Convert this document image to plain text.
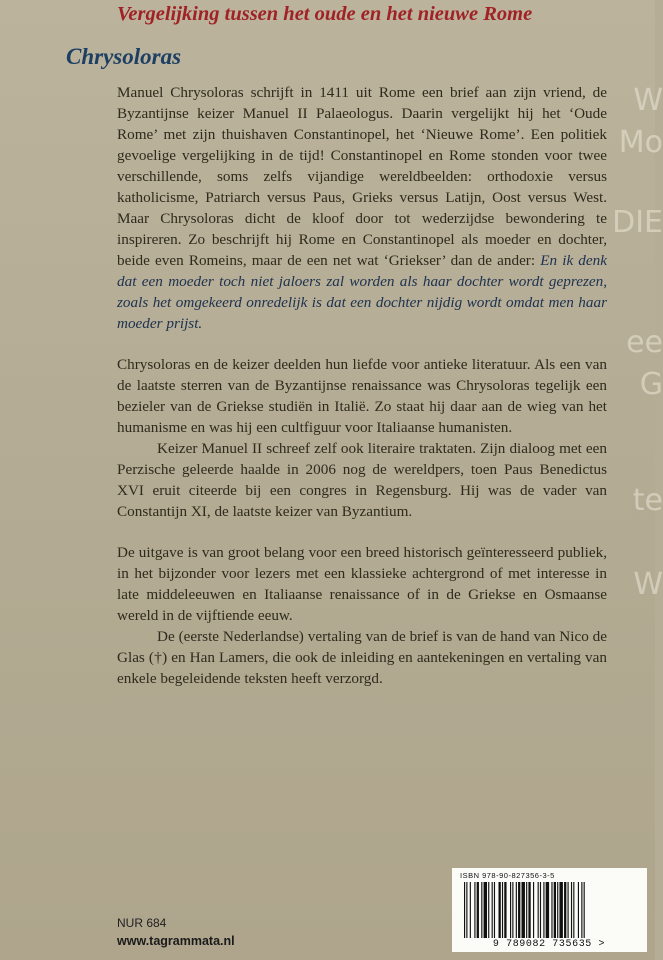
Vergelijking tussen het oude en het nieuwe Rome
Chrysoloras
W
Mo
DIE
ee
G
te
W

Manuel Chrysoloras schrijft in 1411 uit Rome een brief aan zijn vriend, de Byzantijnse keizer Manuel II Palaeologus. Daarin vergelijkt hij het ‘Oude Rome’ met zijn thuishaven Constantinopel, het ‘Nieuwe Rome’. Een politiek gevoelige vergelijking in de tijd! Constantinopel en Rome stonden voor twee verschillende, soms zelfs vijandige wereldbeelden: orthodoxie versus katholicisme, Patriarch versus Paus, Grieks versus Latijn, Oost versus West. Maar Chrysoloras dicht de kloof door tot wederzijdse bewondering te inspireren. Zo beschrijft hij Rome en Constantinopel als moeder en dochter, beide even Romeins, maar de een net wat ‘Griekser’ dan de ander: En ik denk dat een moeder toch niet jaloers zal worden als haar dochter wordt geprezen, zoals het omgekeerd onredelijk is dat een dochter nijdig wordt omdat men haar moeder prijst.

Chrysoloras en de keizer deelden hun liefde voor antieke literatuur. Als een van de laatste sterren van de Byzantijnse renaissance was Chrysoloras tegelijk een bezieler van de Griekse studiën in Italië. Zo staat hij daar aan de wieg van het humanisme en was hij een cultfiguur voor Italiaanse humanisten.

Keizer Manuel II schreef zelf ook literaire traktaten. Zijn dialoog met een Perzische geleerde haalde in 2006 nog de wereldpers, toen Paus Benedictus XVI eruit citeerde bij een congres in Regensburg. Hij was de vader van Constantijn XI, de laatste keizer van Byzantium.

De uitgave is van groot belang voor een breed historisch geïnteresseerd publiek, in het bijzonder voor lezers met een klassieke achtergrond of met interesse in late middeleeuwen en Italiaanse renaissance of in de Griekse en Osmaanse wereld in de vijftiende eeuw.

De (eerste Nederlandse) vertaling van de brief is van de hand van Nico de Glas (†) en Han Lamers, die ook de inleiding en aantekeningen en vertaling van enkele begeleidende teksten heeft verzorgd.

NUR 684
www.tagrammata.nl
ISBN 978-90-827356-3-5
9 789082 735635 >
